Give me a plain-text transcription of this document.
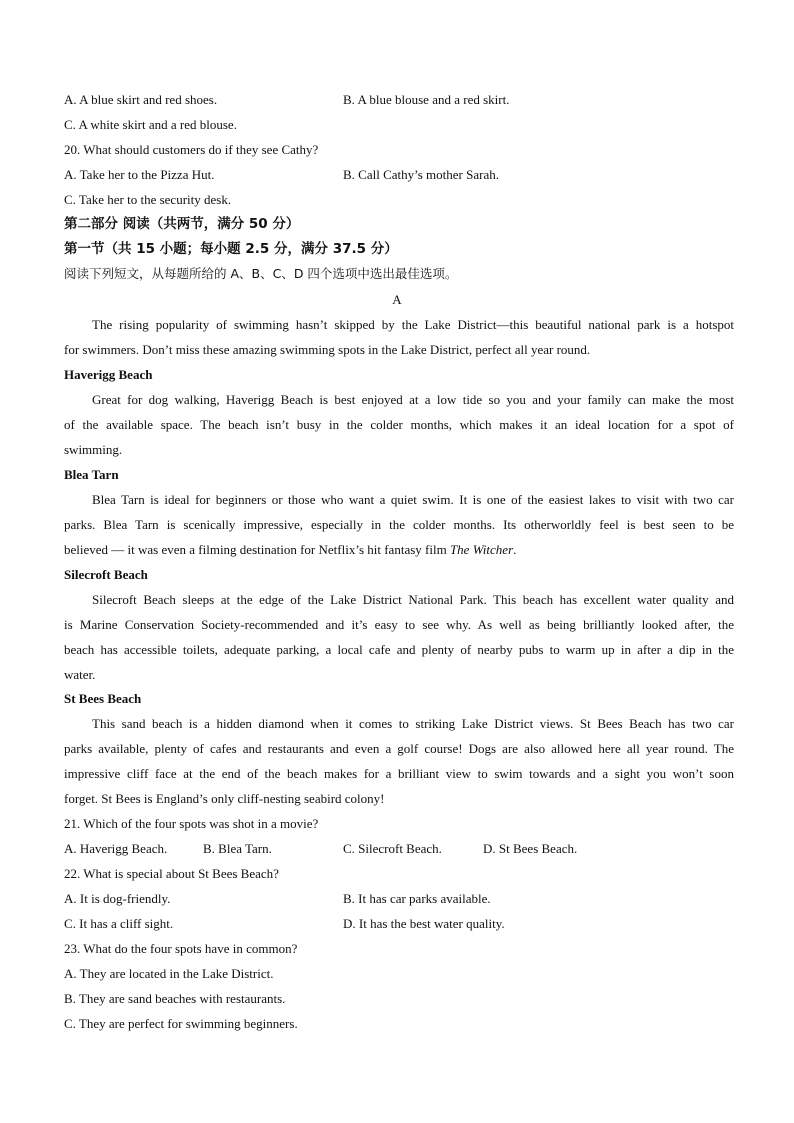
A. A blue skirt and red shoes.	B. A blue blouse and a red skirt.
C. A white skirt and a red blouse.
20. What should customers do if they see Cathy?
A. Take her to the Pizza Hut.	B. Call Cathy’s mother Sarah.
C. Take her to the security desk.
第二部分 阅读（共两节，满分 50 分）
第一节（共 15 小题；每小题 2.5 分，满分 37.5 分）
阅读下列短文，从每题所给的 A、B、C、D 四个选项中选出最佳选项。
A
The rising popularity of swimming hasn’t skipped by the Lake District—this beautiful national park is a hotspot
for swimmers. Don’t miss these amazing swimming spots in the Lake District, perfect all year round.
Haverigg Beach
Great for dog walking, Haverigg Beach is best enjoyed at a low tide so you and your family can make the most
of the available space. The beach isn’t busy in the colder months, which makes it an ideal location for a spot of
swimming.
Blea Tarn
Blea Tarn is ideal for beginners or those who want a quiet swim. It is one of the easiest lakes to visit with two car
parks. Blea Tarn is scenically impressive, especially in the colder months. Its otherworldly feel is best seen to be
believed — it was even a filming destination for Netflix’s hit fantasy film The Witcher.
Silecroft Beach
Silecroft Beach sleeps at the edge of the Lake District National Park. This beach has excellent water quality and
is Marine Conservation Society-recommended and it’s easy to see why. As well as being brilliantly looked after, the
beach has accessible toilets, adequate parking, a local cafe and plenty of nearby pubs to warm up in after a dip in the
water.
St Bees Beach
This sand beach is a hidden diamond when it comes to striking Lake District views. St Bees Beach has two car
parks available, plenty of cafes and restaurants and even a golf course! Dogs are also allowed here all year round. The
impressive cliff face at the end of the beach makes for a brilliant view to swim towards and a sight you won’t soon
forget. St Bees is England’s only cliff-nesting seabird colony!
21. Which of the four spots was shot in a movie?
A. Haverigg Beach.	B. Blea Tarn.	C. Silecroft Beach.	D. St Bees Beach.
22. What is special about St Bees Beach?
A. It is dog-friendly.	B. It has car parks available.
C. It has a cliff sight.	D. It has the best water quality.
23. What do the four spots have in common?
A. They are located in the Lake District.
B. They are sand beaches with restaurants.
C. They are perfect for swimming beginners.
